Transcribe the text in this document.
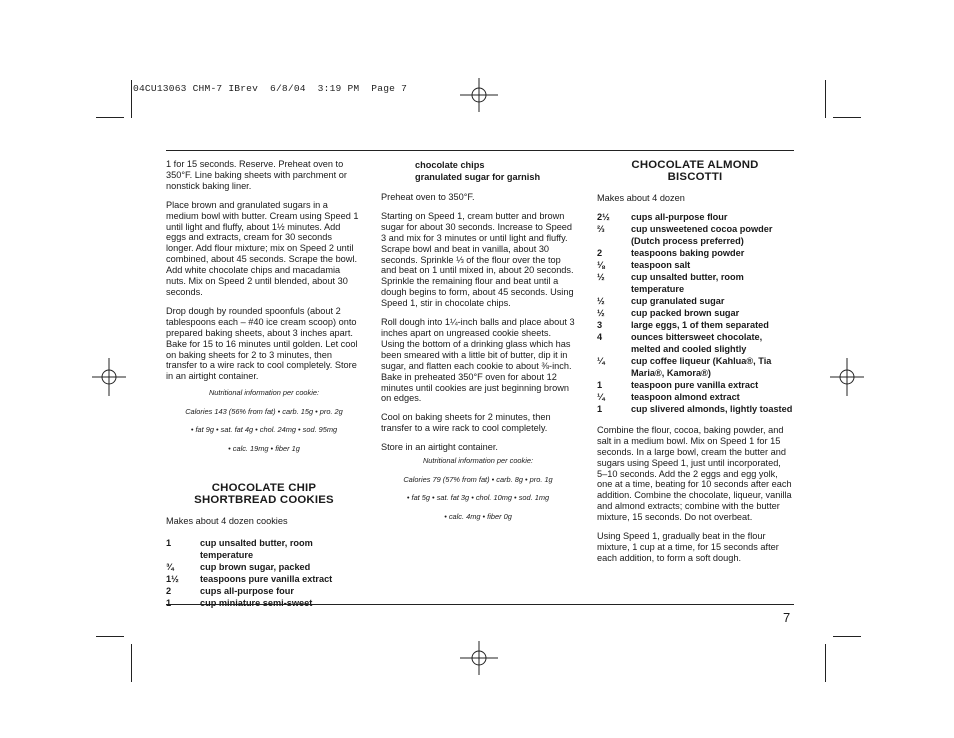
04CU13063 CHM-7 IBrev  6/8/04  3:19 PM  Page 7

1 for 15 seconds. Reserve. Preheat oven to 350°F. Line baking sheets with parchment or nonstick baking liner.

Place brown and granulated sugars in a medium bowl with butter. Cream using Speed 1 until light and fluffy, about 1½ minutes. Add eggs and extracts, cream for 30 seconds longer. Add flour mixture; mix on Speed 2 until combined, about 45 seconds. Scrape the bowl. Add white chocolate chips and macadamia nuts. Mix on Speed 2 until blended, about 30 seconds.

Drop dough by rounded spoonfuls (about 2 tablespoons each – #40 ice cream scoop) onto prepared baking sheets, about 3 inches apart. Bake for 15 to 16 minutes until golden. Let cool on baking sheets for 2 to 3 minutes, then transfer to a wire rack to cool completely. Store in an airtight container.

Nutritional information per cookie:

Calories 143 (56% from fat) • carb. 15g • pro. 2g

• fat 9g • sat. fat 4g • chol. 24mg • sod. 95mg

• calc. 19mg • fiber 1g

CHOCOLATE CHIP
SHORTBREAD COOKIES

Makes about 4 dozen cookies

1	cup unsalted butter, room temperature
¾	cup brown sugar, packed
1½	teaspoons pure vanilla extract
2	cups all-purpose four
1	cup miniature semi-sweet
chocolate chips
granulated sugar for garnish

Preheat oven to 350°F.

Starting on Speed 1, cream butter and brown sugar for about 30 seconds. Increase to Speed 3 and mix for 3 minutes or until light and fluffy. Scrape bowl and beat in vanilla, about 30 seconds. Sprinkle ⅓ of the flour over the top and beat on 1 until mixed in, about 20 seconds. Sprinkle the remaining flour and beat until a dough begins to form, about 45 seconds. Using Speed 1, stir in chocolate chips.

Roll dough into 1¼-inch balls and place about 3 inches apart on ungreased cookie sheets. Using the bottom of a drinking glass which has been smeared with a little bit of butter, dip it in sugar, and flatten each cookie to about ⅜-inch. Bake in preheated 350°F oven for about 12 minutes until cookies are just beginning brown on edges.

Cool on baking sheets for 2 minutes, then transfer to a wire rack to cool completely.

Store in an airtight container.

Nutritional information per cookie:

Calories 79 (57% from fat) • carb. 8g • pro. 1g

• fat 5g • sat. fat 3g • chol. 10mg • sod. 1mg

• calc. 4mg • fiber 0g

CHOCOLATE ALMOND
BISCOTTI

Makes about 4 dozen

2½	cups all-purpose flour
⅔	cup unsweetened cocoa powder (Dutch process preferred)
2	teaspoons baking powder
⅛	teaspoon salt
½	cup unsalted butter, room temperature
½	cup granulated sugar
½	cup packed brown sugar
3	large eggs, 1 of them separated
4	ounces bittersweet chocolate, melted and cooled slightly
¼	cup coffee liqueur (Kahlua®, Tia Maria®, Kamora®)
1	teaspoon pure vanilla extract
¼	teaspoon almond extract
1	cup slivered almonds, lightly toasted

Combine the flour, cocoa, baking powder, and salt in a medium bowl. Mix on Speed 1 for 15 seconds. In a large bowl, cream the butter and sugars using Speed 1, just until incorporated, 5–10 seconds. Add the 2 eggs and egg yolk, one at a time, beating for 10 seconds after each addition. Combine the chocolate, liqueur, vanilla and almond extracts; combine with the butter mixture, 15 seconds. Do not overbeat.

Using Speed 1, gradually beat in the flour mixture, 1 cup at a time, for 15 seconds after each addition, to form a soft dough.

7
